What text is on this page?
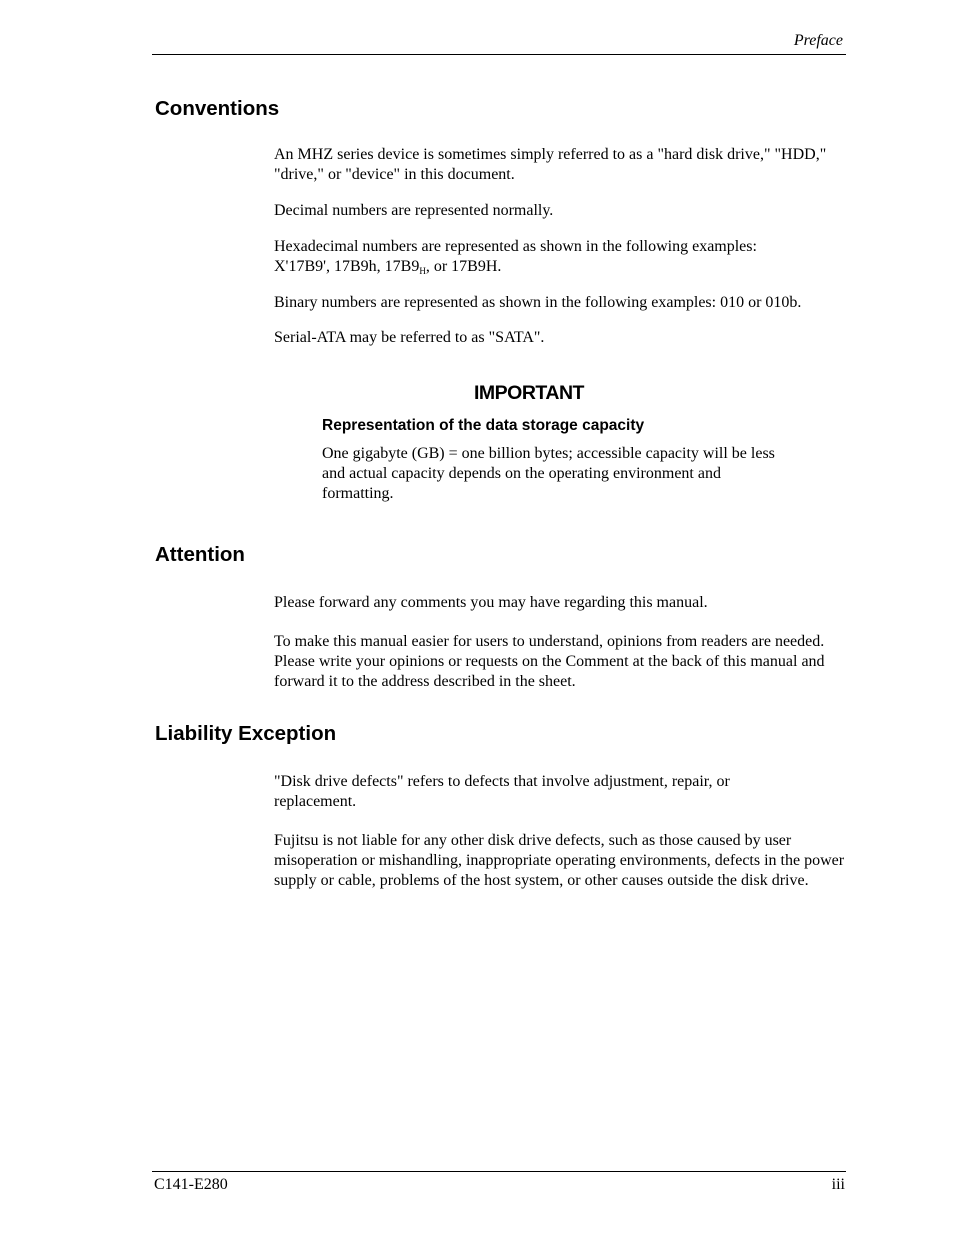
Preface
Conventions
An MHZ series device is sometimes simply referred to as a "hard disk drive," "HDD," "drive," or "device" in this document.
Decimal numbers are represented normally.
Hexadecimal numbers are represented as shown in the following examples: X'17B9', 17B9h, $17B9_H$, or 17B9H.
Binary numbers are represented as shown in the following examples: 010 or 010b.
Serial-ATA may be referred to as "SATA".
IMPORTANT
Representation of the data storage capacity
One gigabyte (GB) = one billion bytes; accessible capacity will be less and actual capacity depends on the operating environment and formatting.
Attention
Please forward any comments you may have regarding this manual.
To make this manual easier for users to understand, opinions from readers are needed. Please write your opinions or requests on the Comment at the back of this manual and forward it to the address described in the sheet.
Liability Exception
"Disk drive defects" refers to defects that involve adjustment, repair, or replacement.
Fujitsu is not liable for any other disk drive defects, such as those caused by user misoperation or mishandling, inappropriate operating environments, defects in the power supply or cable, problems of the host system, or other causes outside the disk drive.
C141-E280	iii
